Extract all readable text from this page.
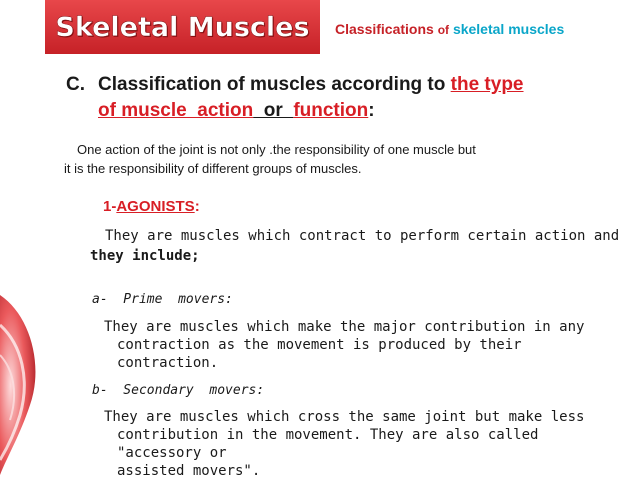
Skeletal Muscles Classifications of skeletal muscles
C. Classification of muscles according to the type
of muscle  action  or  function:
One action of the joint is not only .the responsibility of one muscle but
it is the responsibility of different groups of muscles.
1-AGONISTS:
They are muscles which contract to perform certain action and
they include;
a-  Prime  movers:
They are muscles which make the major contribution in any
contraction as the movement is produced by their contraction.
b-  Secondary  movers:
They are muscles which cross the same joint but make less
contribution in the movement. They are also called "accessory or
assisted movers".
